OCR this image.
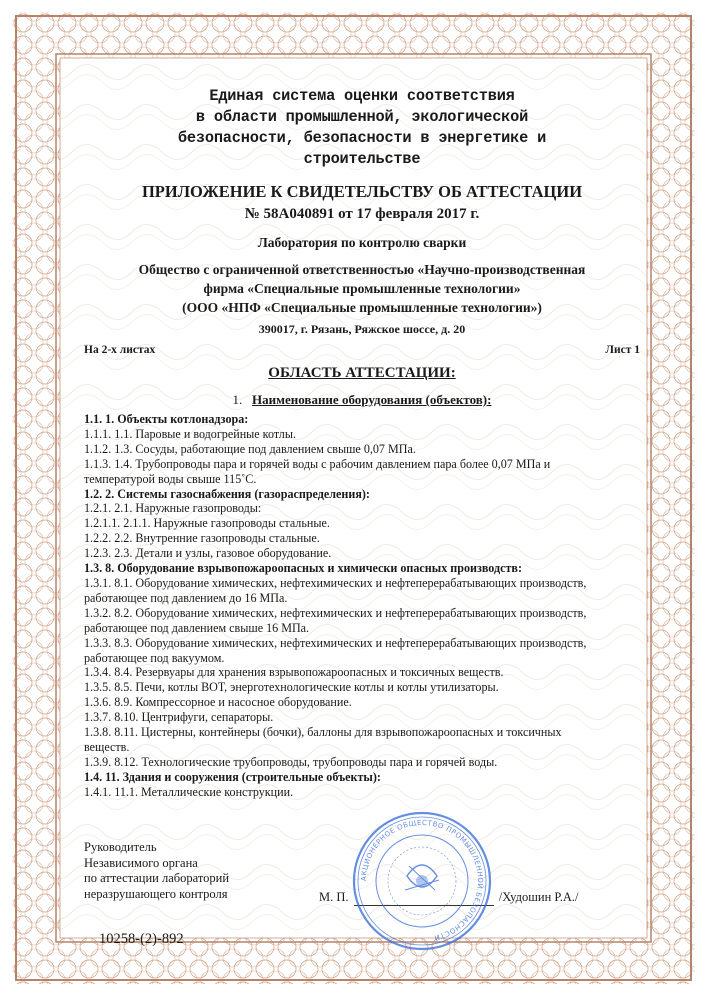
Единая система оценки соответствия
в области промышленной, экологической
безопасности, безопасности в энергетике и
строительстве
ПРИЛОЖЕНИЕ К СВИДЕТЕЛЬСТВУ ОБ АТТЕСТАЦИИ
№ 58А040891 от 17 февраля 2017 г.
Лаборатория по контролю сварки
Общество с ограниченной ответственностью «Научно-производственная
фирма «Специальные промышленные технологии»
(ООО «НПФ «Специальные промышленные технологии»)
390017, г. Рязань, Ряжское шоссе, д. 20
На 2-х листах	Лист 1
ОБЛАСТЬ АТТЕСТАЦИИ:
1. Наименование оборудования (объектов):
1.1. 1. Объекты котлонадзора:
1.1.1. 1.1. Паровые и водогрейные котлы.
1.1.2. 1.3. Сосуды, работающие под давлением свыше 0,07 МПа.
1.1.3. 1.4. Трубопроводы пара и горячей воды с рабочим давлением пара более 0,07 МПа и
температурой воды свыше 115˚С.
1.2. 2. Системы газоснабжения (газораспределения):
1.2.1. 2.1. Наружные газопроводы:
1.2.1.1. 2.1.1. Наружные газопроводы стальные.
1.2.2. 2.2. Внутренние газопроводы стальные.
1.2.3. 2.3. Детали и узлы, газовое оборудование.
1.3. 8. Оборудование взрывопожароопасных и химически опасных производств:
1.3.1. 8.1. Оборудование химических, нефтехимических и нефтеперерабатывающих производств,
работающее под давлением до 16 МПа.
1.3.2. 8.2. Оборудование химических, нефтехимических и нефтеперерабатывающих производств,
работающее под давлением свыше 16 МПа.
1.3.3. 8.3. Оборудование химических, нефтехимических и нефтеперерабатывающих производств,
работающее под вакуумом.
1.3.4. 8.4. Резервуары для хранения взрывопожароопасных и токсичных веществ.
1.3.5. 8.5. Печи, котлы ВОТ, энерготехнологические котлы и котлы утилизаторы.
1.3.6. 8.9. Компрессорное и насосное оборудование.
1.3.7. 8.10. Центрифуги, сепараторы.
1.3.8. 8.11. Цистерны, контейнеры (бочки), баллоны для взрывопожароопасных и токсичных
веществ.
1.3.9. 8.12. Технологические трубопроводы, трубопроводы пара и горячей воды.
1.4. 11. Здания и сооружения (строительные объекты):
1.4.1. 11.1. Металлические конструкции.
Руководитель
Независимого органа
по аттестации лабораторий
неразрушающего контроля	М. П.	/Худошин Р.А./
АКЦИОНЕРНОЕ ОБЩЕСТВО ПРОМЫШЛЕННОЙ БЕЗОПАСНОСТИ
10258-(2)-892
